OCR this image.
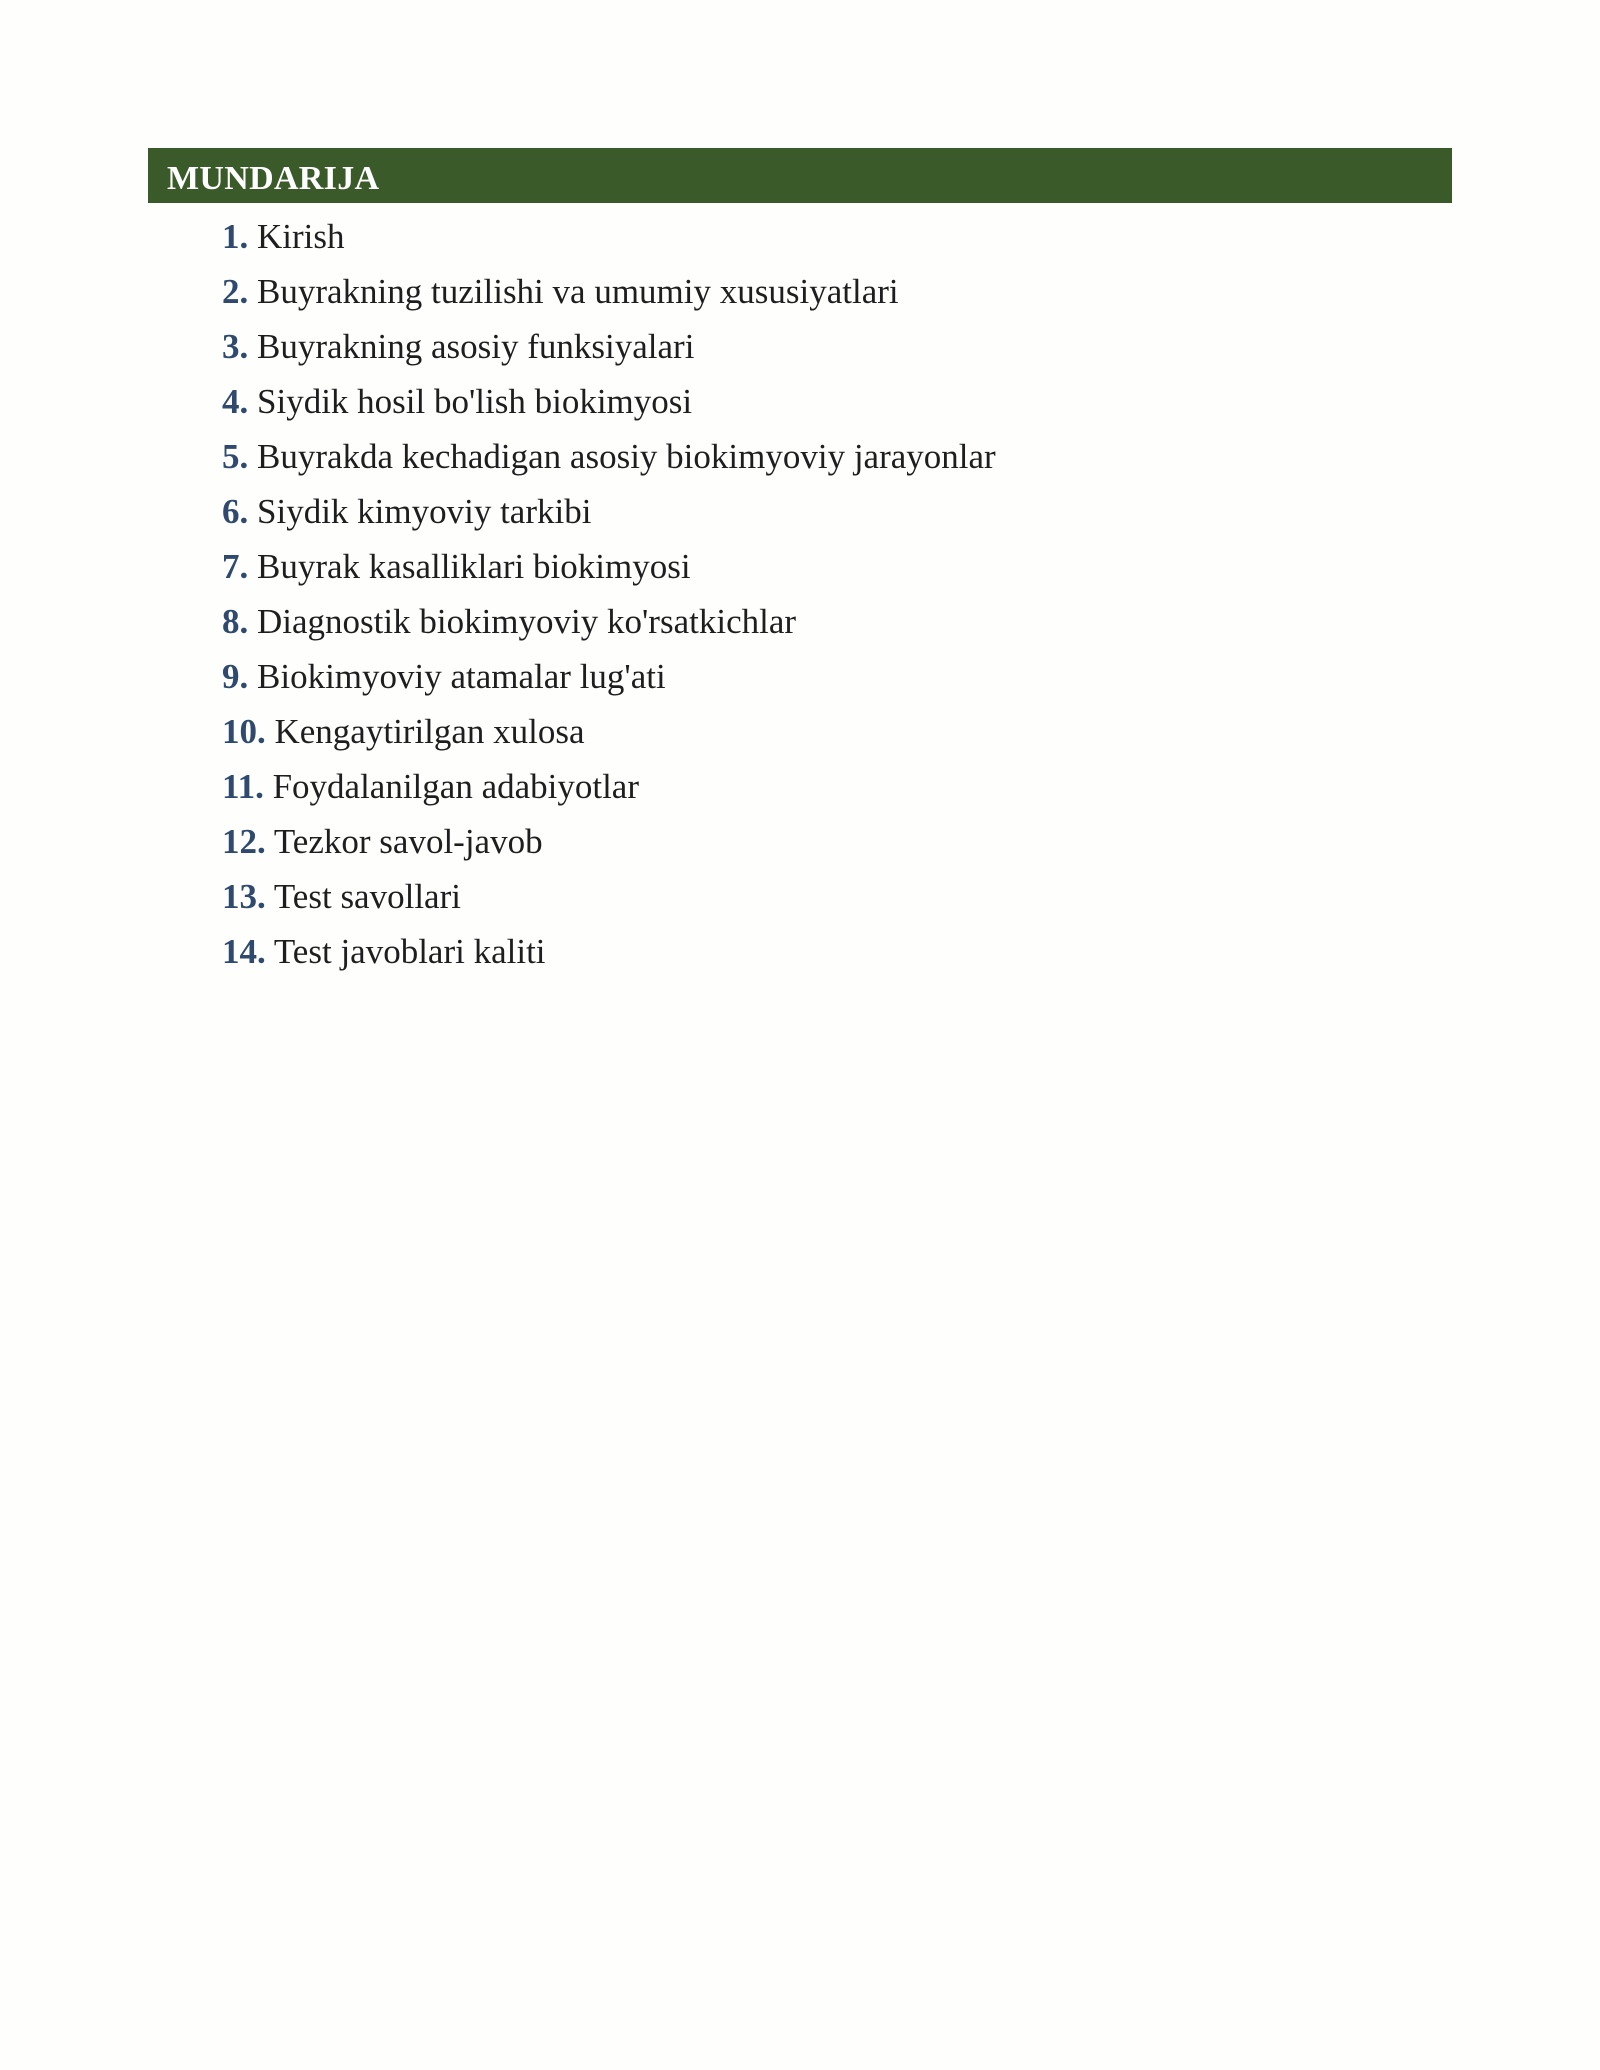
MUNDARIJA
1. Kirish
2. Buyrakning tuzilishi va umumiy xususiyatlari
3. Buyrakning asosiy funksiyalari
4. Siydik hosil bo'lish biokimyosi
5. Buyrakda kechadigan asosiy biokimyoviy jarayonlar
6. Siydik kimyoviy tarkibi
7. Buyrak kasalliklari biokimyosi
8. Diagnostik biokimyoviy ko'rsatkichlar
9. Biokimyoviy atamalar lug'ati
10. Kengaytirilgan xulosa
11. Foydalanilgan adabiyotlar
12. Tezkor savol-javob
13. Test savollari
14. Test javoblari kaliti
